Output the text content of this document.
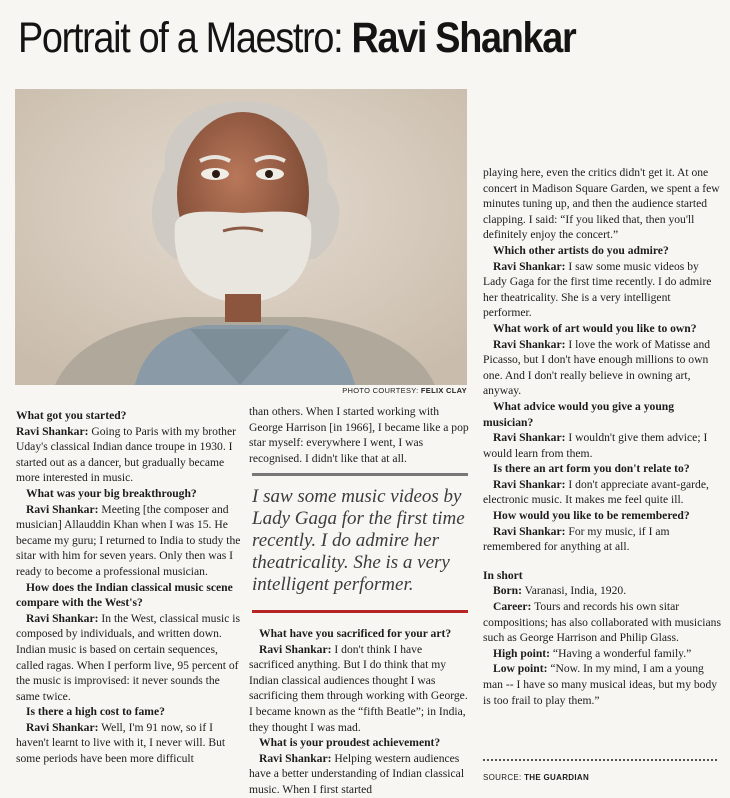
Portrait of a Maestro: Ravi Shankar
PHOTO COURTESY: FELIX CLAY

What got you started?

Ravi Shankar: Going to Paris with my brother Uday's classical Indian dance troupe in 1930. I started out as a dancer, but gradually became more interested in music.

What was your big breakthrough?

Ravi Shankar: Meeting [the composer and musician] Allauddin Khan when I was 15. He became my guru; I returned to India to study the sitar with him for seven years. Only then was I ready to become a professional musician.

How does the Indian classical music scene compare with the West's?

Ravi Shankar: In the West, classical music is composed by individuals, and written down. Indian music is based on certain sequences, called ragas. When I perform live, 95 percent of the music is improvised: it never sounds the same twice.

Is there a high cost to fame?

Ravi Shankar: Well, I'm 91 now, so if I haven't learnt to live with it, I never will. But some periods have been more difficult

than others. When I started working with George Harrison [in 1966], I became like a pop star myself: everywhere I went, I was recognised. I didn't like that at all.

I saw some music videos by Lady Gaga for the first time recently. I do admire her theatricality. She is a very intelligent performer.

What have you sacrificed for your art?

Ravi Shankar: I don't think I have sacrificed anything. But I do think that my Indian classical audiences thought I was sacrificing them through working with George. I became known as the “fifth Beatle”; in India, they thought I was mad.

What is your proudest achievement?

Ravi Shankar: Helping western audiences have a better understanding of Indian classical music. When I first started

playing here, even the critics didn't get it. At one concert in Madison Square Garden, we spent a few minutes tuning up, and then the audience started clapping. I said: “If you liked that, then you'll definitely enjoy the concert.”

Which other artists do you admire?

Ravi Shankar: I saw some music videos by Lady Gaga for the first time recently. I do admire her theatricality. She is a very intelligent performer.

What work of art would you like to own?

Ravi Shankar: I love the work of Matisse and Picasso, but I don't have enough millions to own one. And I don't really believe in owning art, anyway.

What advice would you give a young musician?

Ravi Shankar: I wouldn't give them advice; I would learn from them.

Is there an art form you don't relate to?

Ravi Shankar: I don't appreciate avant-garde, electronic music. It makes me feel quite ill.

How would you like to be remembered?

Ravi Shankar: For my music, if I am remembered for anything at all.

In short

Born: Varanasi, India, 1920.

Career: Tours and records his own sitar compositions; has also collaborated with musicians such as George Harrison and Philip Glass.

High point: “Having a wonderful family.”

Low point: “Now. In my mind, I am a young man -- I have so many musical ideas, but my body is too frail to play them.”

SOURCE: THE GUARDIAN
